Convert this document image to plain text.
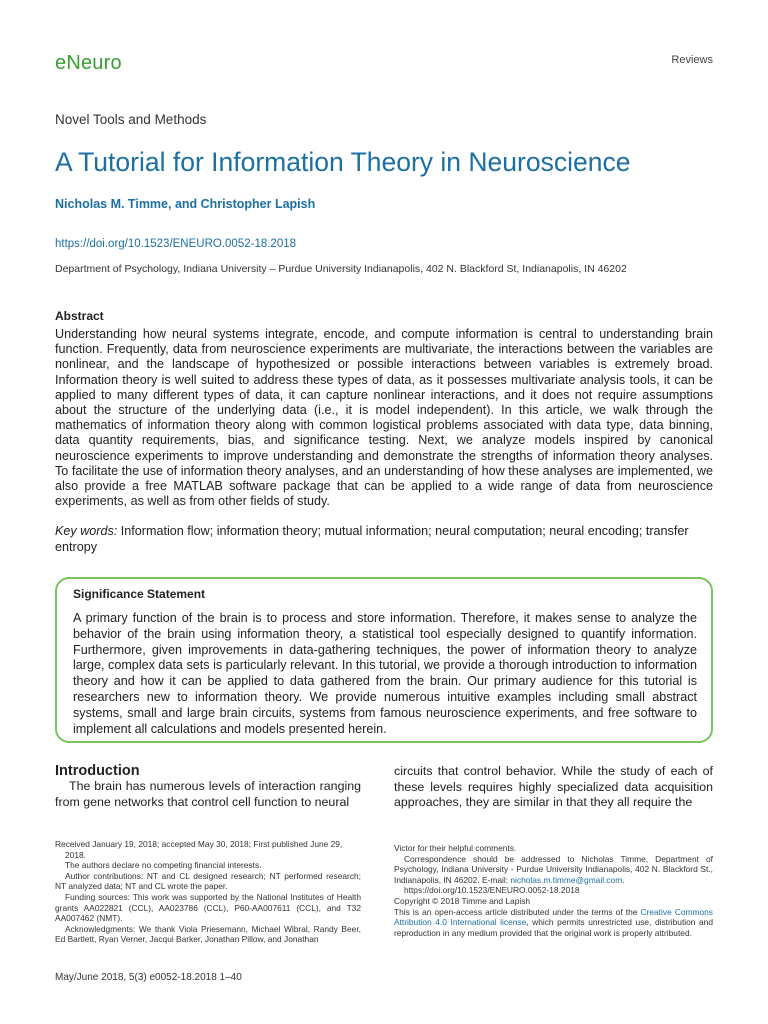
eNeuro	Reviews
Novel Tools and Methods
A Tutorial for Information Theory in Neuroscience
Nicholas M. Timme, and Christopher Lapish
https://doi.org/10.1523/ENEURO.0052-18.2018
Department of Psychology, Indiana University – Purdue University Indianapolis, 402 N. Blackford St, Indianapolis, IN 46202
Abstract

Understanding how neural systems integrate, encode, and compute information is central to understanding brain function. Frequently, data from neuroscience experiments are multivariate, the interactions between the variables are nonlinear, and the landscape of hypothesized or possible interactions between variables is extremely broad. Information theory is well suited to address these types of data, as it possesses multivariate analysis tools, it can be applied to many different types of data, it can capture nonlinear interactions, and it does not require assumptions about the structure of the underlying data (i.e., it is model independent). In this article, we walk through the mathematics of information theory along with common logistical problems associated with data type, data binning, data quantity requirements, bias, and significance testing. Next, we analyze models inspired by canonical neuroscience experiments to improve understanding and demonstrate the strengths of information theory analyses. To facilitate the use of information theory analyses, and an understanding of how these analyses are implemented, we also provide a free MATLAB software package that can be applied to a wide range of data from neuroscience experiments, as well as from other fields of study.

Key words: Information flow; information theory; mutual information; neural computation; neural encoding; transfer entropy
Significance Statement

A primary function of the brain is to process and store information. Therefore, it makes sense to analyze the behavior of the brain using information theory, a statistical tool especially designed to quantify information. Furthermore, given improvements in data-gathering techniques, the power of information theory to analyze large, complex data sets is particularly relevant. In this tutorial, we provide a thorough introduction to information theory and how it can be applied to data gathered from the brain. Our primary audience for this tutorial is researchers new to information theory. We provide numerous intuitive examples including small abstract systems, small and large brain circuits, systems from famous neuroscience experiments, and free software to implement all calculations and models presented herein.

Introduction

The brain has numerous levels of interaction ranging from gene networks that control cell function to neural

circuits that control behavior. While the study of each of these levels requires highly specialized data acquisition approaches, they are similar in that they all require the

Received January 19, 2018; accepted May 30, 2018; First published June 29, 2018.
The authors declare no competing financial interests.
Author contributions: NT and CL designed research; NT performed research; NT analyzed data; NT and CL wrote the paper.
Funding sources: This work was supported by the National Institutes of Health grants AA022821 (CCL), AA023786 (CCL), P60-AA007611 (CCL), and T32 AA007462 (NMT).
Acknowledgments: We thank Viola Priesemann, Michael Wibral, Randy Beer, Ed Bartlett, Ryan Verner, Jacqui Barker, Jonathan Pillow, and Jonathan
Victor for their helpful comments.
Correspondence should be addressed to Nicholas Timme, Department of Psychology, Indiana University - Purdue University Indianapolis, 402 N. Blackford St., Indianapolis, IN 46202. E-mail: nicholas.m.timme@gmail.com.
https://doi.org/10.1523/ENEURO.0052-18.2018
Copyright © 2018 Timme and Lapish
This is an open-access article distributed under the terms of the Creative Commons Attribution 4.0 International license, which permits unrestricted use, distribution and reproduction in any medium provided that the original work is properly attributed.
May/June 2018, 5(3) e0052-18.2018 1–40
